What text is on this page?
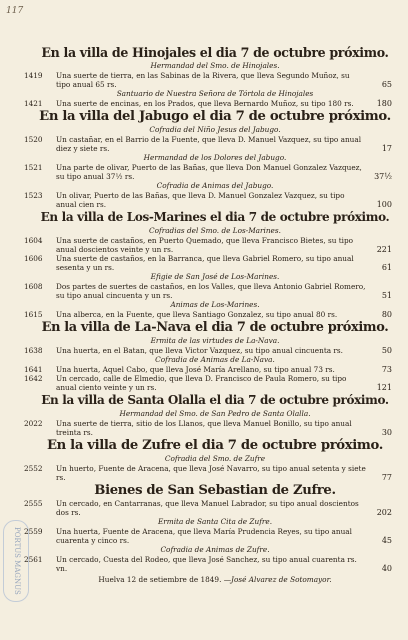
117
PORTUS MAGNUS
En la villa de Hinojales el dia 7 de octubre próximo.

Hermandad del Smo. de Hinojales.

1419	Una suerte de tierra, en las Sabinas de la Rivera, que lleva Segundo Muñoz, su tipo anual 65 rs.	65

Santuario de Nuestra Señora de Tórtola de Hinojales

1421	Una suerte de encinas, en los Prados, que lleva Bernardo Muñoz, su tipo 180 rs.	180

En la villa del Jabugo el dia 7 de octubre próximo.

Cofradia del Niño Jesus del Jabugo.

1520	Un castañar, en el Barrio de la Fuente, que lleva D. Manuel Vazquez, su tipo anual diez y siete rs.	17

Hermandad de los Dolores del Jabugo.

1521	Una parte de olivar, Puerto de las Bañas, que lleva Don Manuel Gonzalez Vazquez, su tipo anual 37½ rs.	37½

Cofradia de Animas del Jabugo.

1523	Un olivar, Puerto de las Bañas, que lleva D. Manuel Gonzalez Vazquez, su tipo anual cien rs.	100

En la villa de Los-Marines el dia 7 de octubre próximo.

Cofradias del Smo. de Los-Marines.

1604	Una suerte de castaños, en Puerto Quemado, que lleva Francisco Bietes, su tipo anual doscientos veinte y un rs.	221

1606	Una suerte de castaños, en la Barranca, que lleva Gabriel Romero, su tipo anual sesenta y un rs.	61

Efigie de San José de Los-Marines.

1608	Dos partes de suertes de castaños, en los Valles, que lleva Antonio Gabriel Romero, su tipo anual cincuenta y un rs.	51

Animas de Los-Marines.

1615	Una alberca, en la Fuente, que lleva Santiago Gonzalez, su tipo anual 80 rs.	80

En la villa de La-Nava el dia 7 de octubre próximo.

Ermita de las virtudes de La-Nava.

1638	Una huerta, en el Batan, que lleva Victor Vazquez, su tipo anual cincuenta rs.	50

Cofradia de Animas de La-Nava.

1641	Una huerta, Aquel Cabo, que lleva José María Arellano, su tipo anual 73 rs.	73

1642	Un cercado, calle de Elmedio, que lleva D. Francisco de Paula Romero, su tipo anual ciento veinte y un rs.	121

En la villa de Santa Olalla el dia 7 de octubre próximo.

Hermandad del Smo. de San Pedro de Santa Olalla.

2022	Una suerte de tierra, sitio de los Llanos, que lleva Manuel Bonillo, su tipo anual treinta rs.	30

En la villa de Zufre el dia 7 de octubre próximo.

Cofradia del Smo. de Zufre

2552	Un huerto, Fuente de Aracena, que lleva José Navarro, su tipo anual setenta y siete rs.	77

Bienes de San Sebastian de Zufre.

2555	Un cercado, en Cantarranas, que lleva Manuel Labrador, su tipo anual doscientos dos rs.	202

Ermita de Santa Cita de Zufre.

2559	Una huerta, Fuente de Aracena, que lleva María Prudencia Reyes, su tipo anual cuarenta y cinco rs.	45

Cofradia de Animas de Zufre.

2561	Un cercado, Cuesta del Rodeo, que lleva José Sanchez, su tipo anual cuarenta rs. vn.	40

Huelva 12 de setiembre de 1849. —José Alvarez de Sotomayor.
